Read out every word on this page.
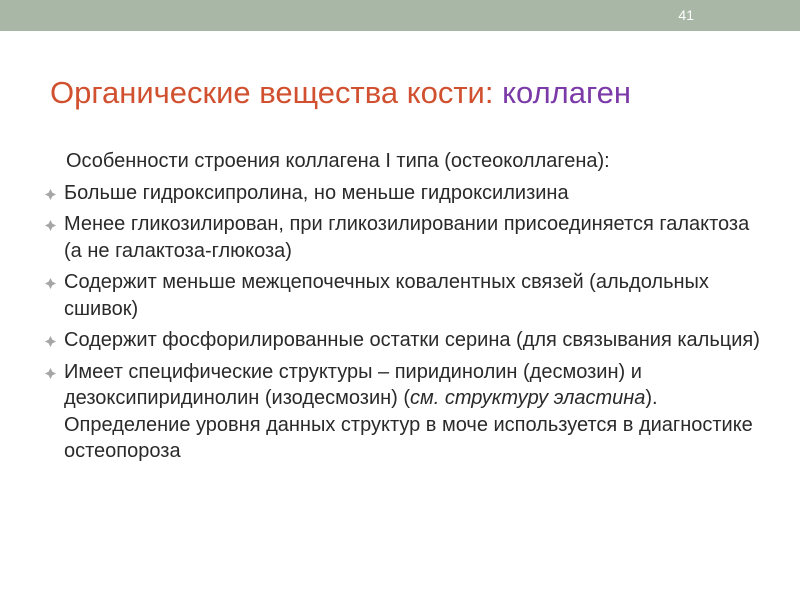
41
Органические вещества кости: коллаген

Особенности строения коллагена I типа (остеоколлагена):

Больше гидроксипролина, но меньше гидроксилизина
Менее гликозилирован, при гликозилировании присоединяется галактоза (а не галактоза-глюкоза)
Содержит меньше межцепочечных ковалентных связей (альдольных сшивок)
Содержит фосфорилированные остатки серина (для связывания кальция)
Имеет специфические структуры – пиридинолин (десмозин) и дезоксипиридинолин (изодесмозин) (см. структуру эластина). Определение уровня данных структур в моче используется в диагностике остеопороза
